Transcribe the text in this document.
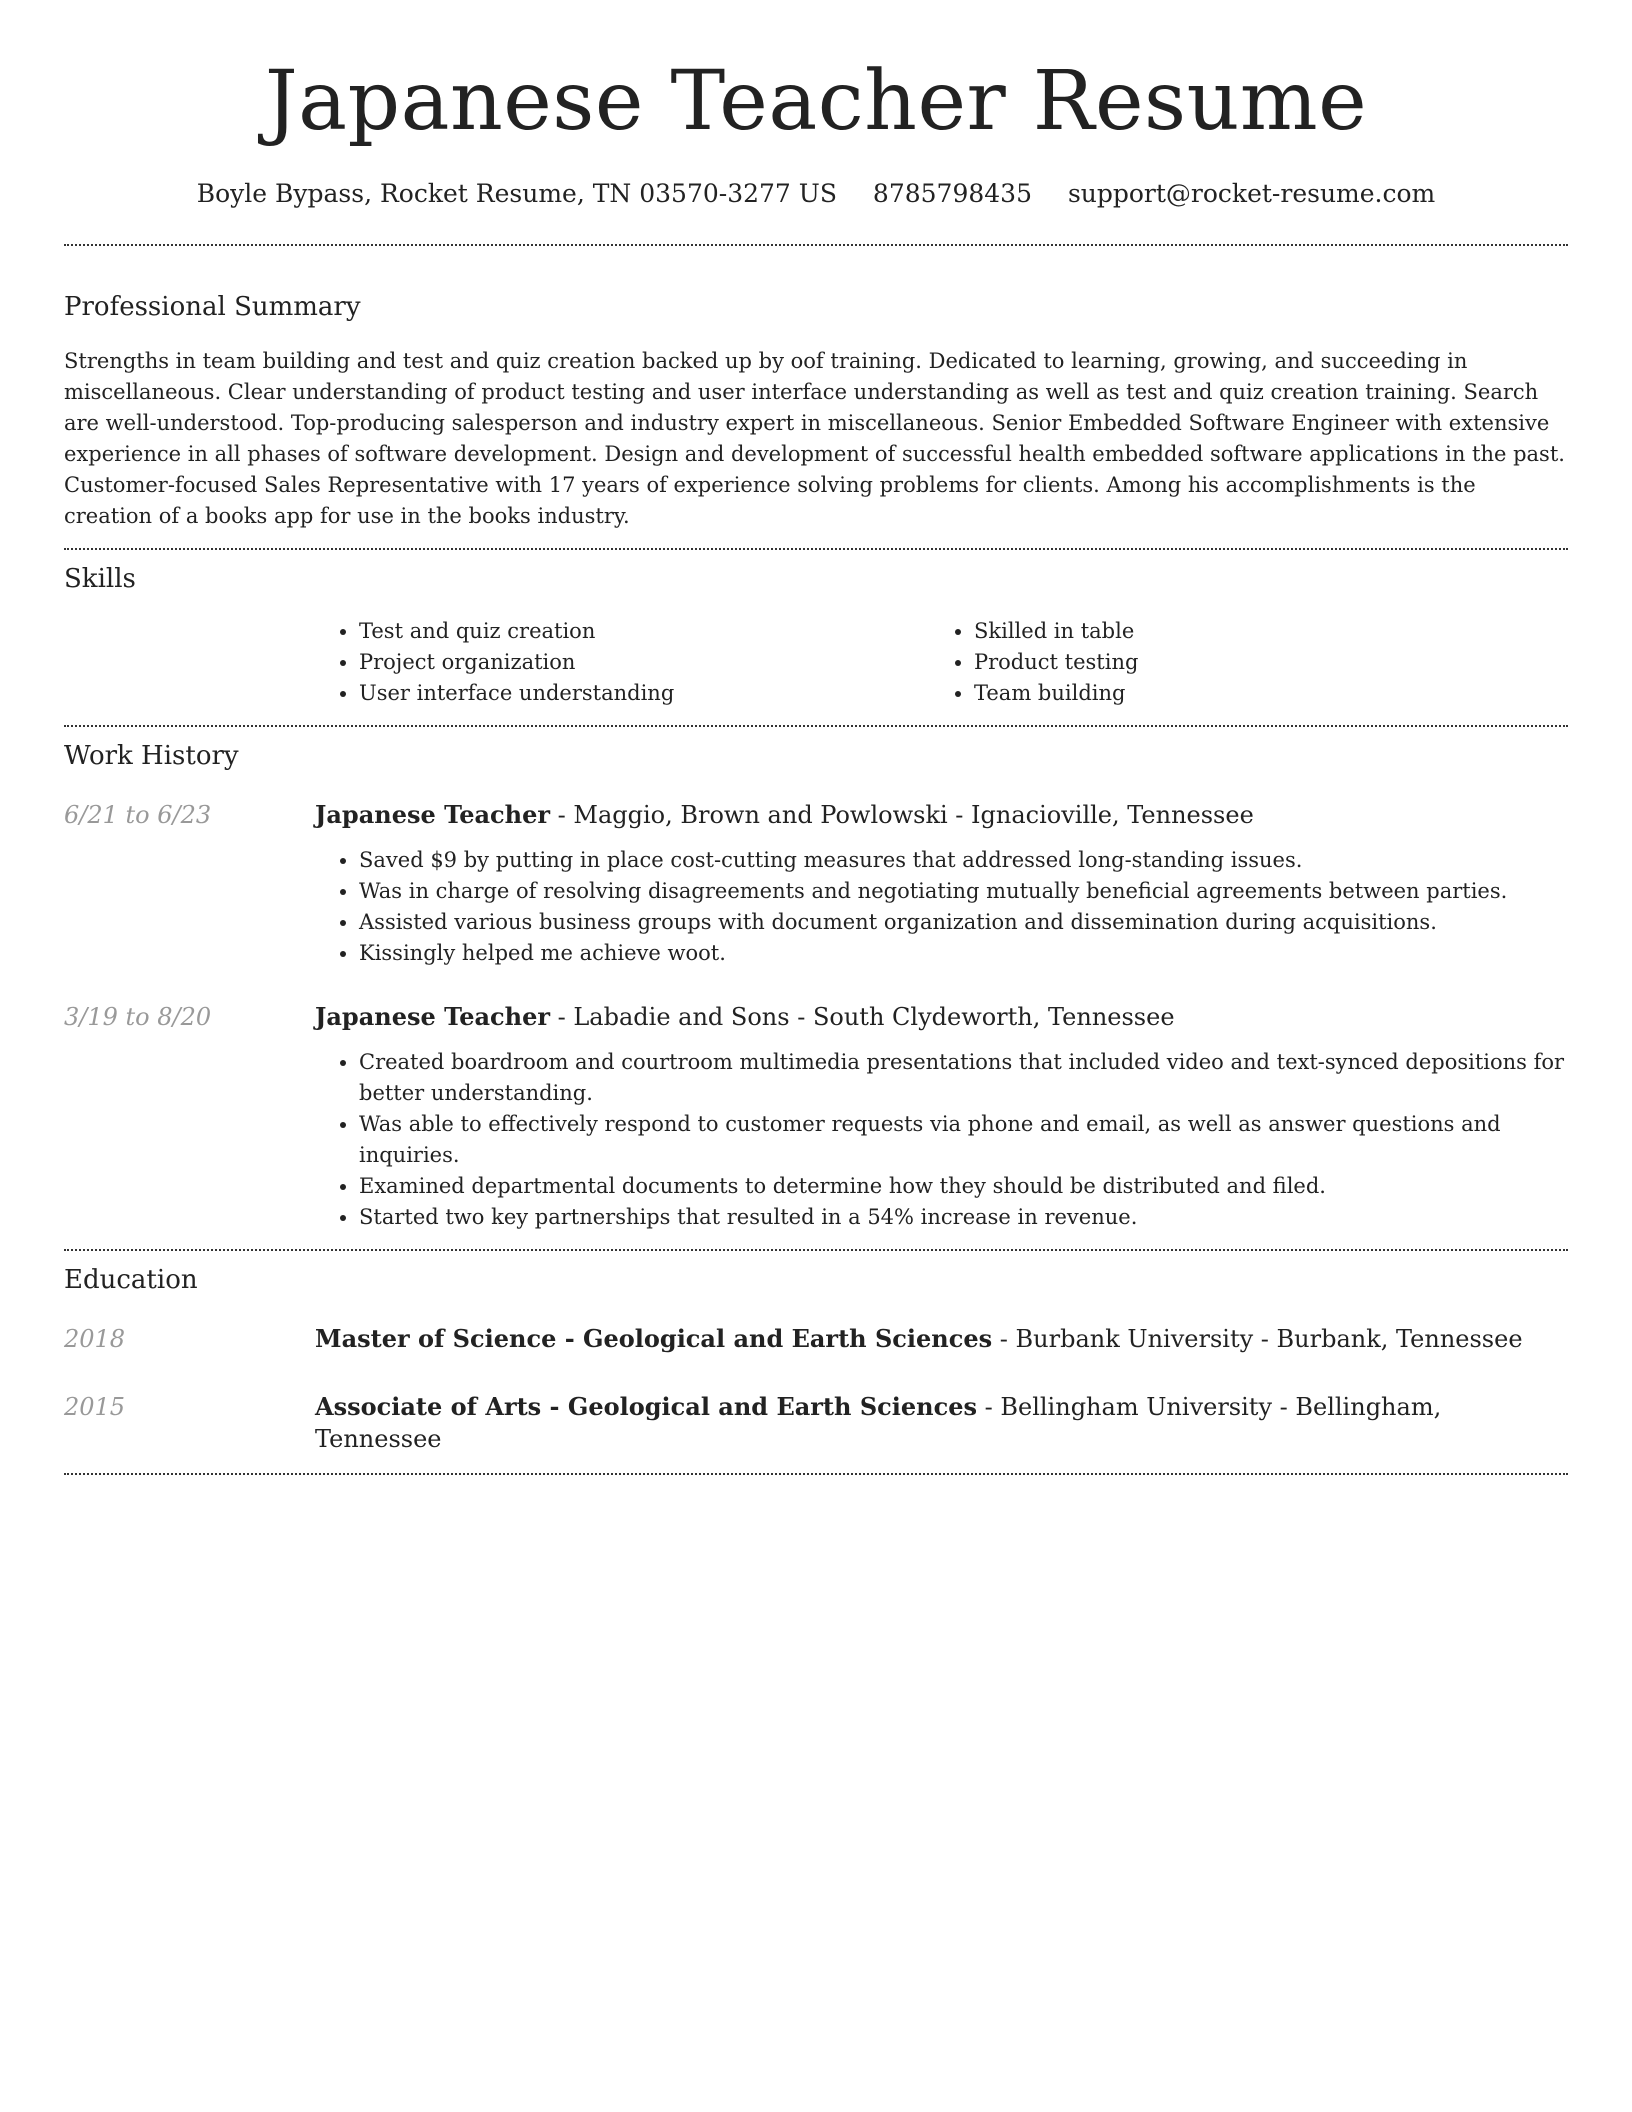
Japanese Teacher Resume
Boyle Bypass, Rocket Resume, TN 03570-3277 US 8785798435 support@rocket-resume.com
Professional Summary

Strengths in team building and test and quiz creation backed up by oof training. Dedicated to learning, growing, and succeeding in miscellaneous. Clear understanding of product testing and user interface understanding as well as test and quiz creation training. Search are well-understood. Top-producing salesperson and industry expert in miscellaneous. Senior Embedded Software Engineer with extensive experience in all phases of software development. Design and development of successful health embedded software applications in the past. Customer-focused Sales Representative with 17 years of experience solving problems for clients. Among his accomplishments is the creation of a books app for use in the books industry.

Skills
• Test and quiz creation
• Project organization
• User interface understanding
• Skilled in table
• Product testing
• Team building
Work History
6/21 to 6/23	Japanese Teacher - Maggio, Brown and Powlowski - Ignacioville, Tennessee
• Saved $9 by putting in place cost-cutting measures that addressed long-standing issues.
• Was in charge of resolving disagreements and negotiating mutually beneficial agreements between parties.
• Assisted various business groups with document organization and dissemination during acquisitions.
• Kissingly helped me achieve woot.
3/19 to 8/20	Japanese Teacher - Labadie and Sons - South Clydeworth, Tennessee
• Created boardroom and courtroom multimedia presentations that included video and text-synced depositions for better understanding.
• Was able to effectively respond to customer requests via phone and email, as well as answer questions and inquiries.
• Examined departmental documents to determine how they should be distributed and filed.
• Started two key partnerships that resulted in a 54% increase in revenue.
Education
2018	Master of Science - Geological and Earth Sciences - Burbank University - Burbank, Tennessee
2015	Associate of Arts - Geological and Earth Sciences - Bellingham University - Bellingham, Tennessee
